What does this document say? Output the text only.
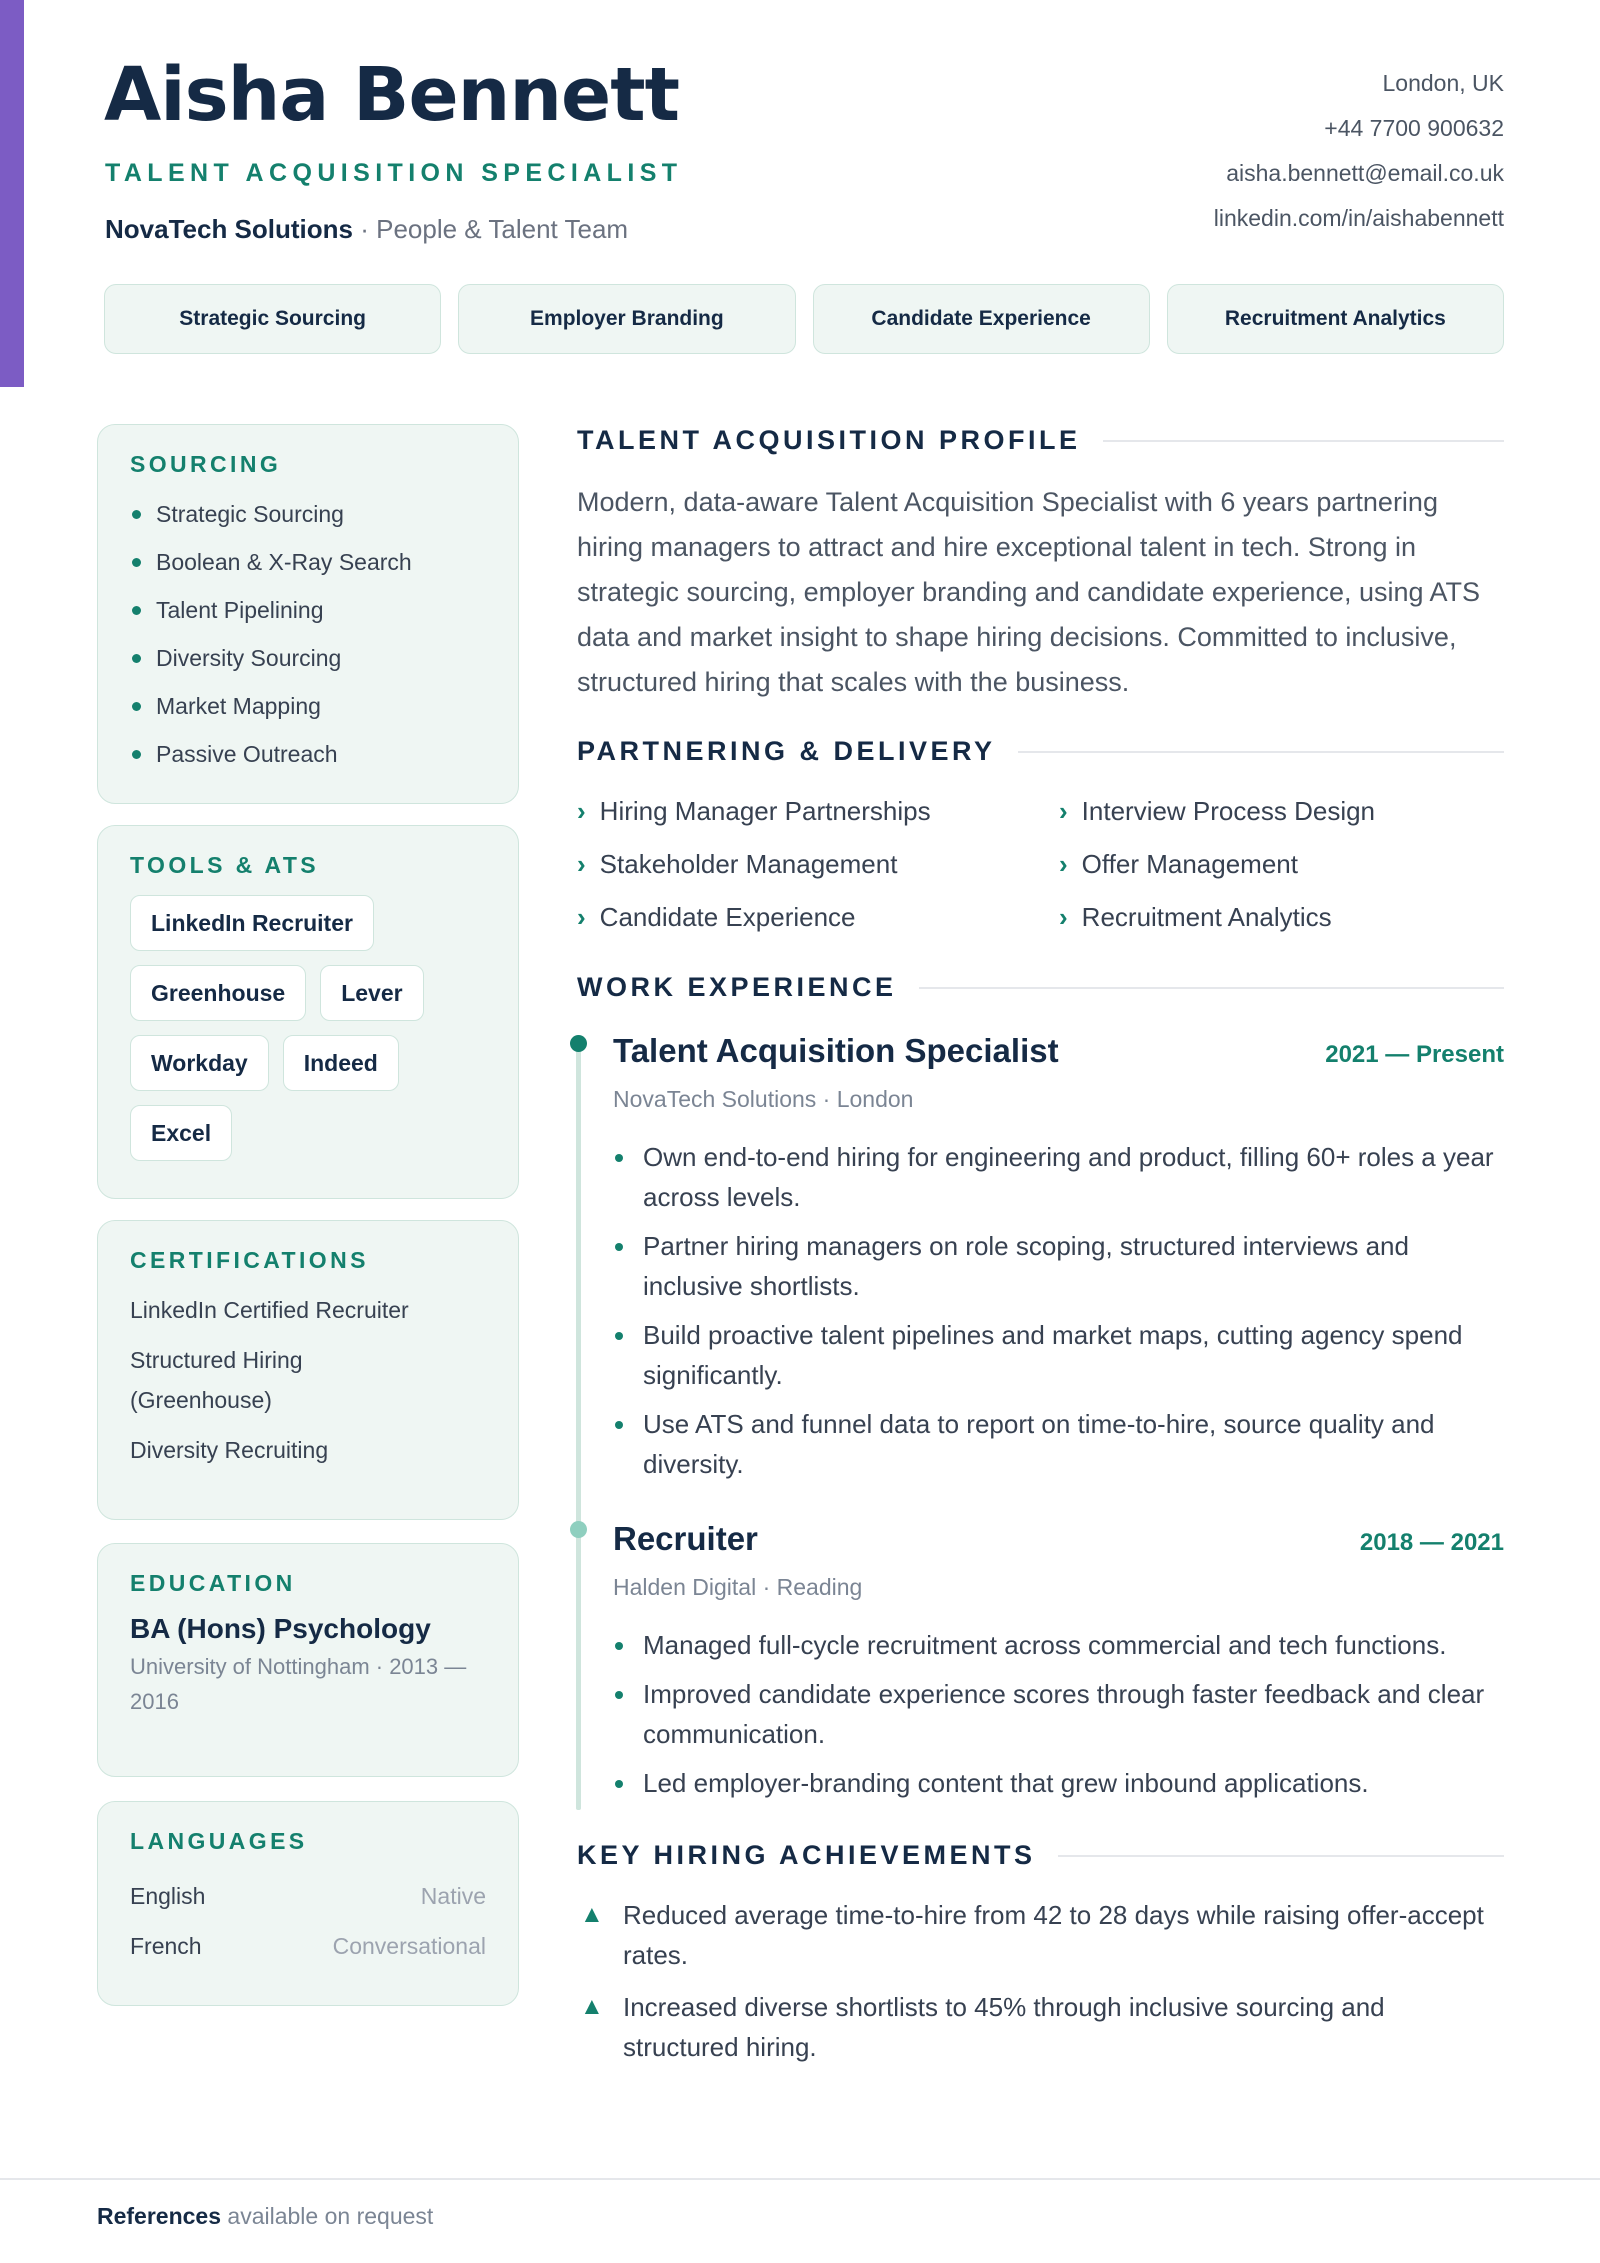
Aisha Bennett
TALENT ACQUISITION SPECIALIST
NovaTech Solutions · People & Talent Team
London, UK
+44 7700 900632
aisha.bennett@email.co.uk
linkedin.com/in/aishabennett
Strategic Sourcing	Employer Branding	Candidate Experience	Recruitment Analytics
SOURCING
Strategic Sourcing
Boolean & X-Ray Search
Talent Pipelining
Diversity Sourcing
Market Mapping
Passive Outreach
TOOLS & ATS
LinkedIn Recruiter
Greenhouse	Lever
Workday	Indeed
Excel
CERTIFICATIONS
LinkedIn Certified Recruiter
Structured Hiring (Greenhouse)
Diversity Recruiting
EDUCATION
BA (Hons) Psychology
University of Nottingham · 2013 — 2016
LANGUAGES
English	Native
French	Conversational
TALENT ACQUISITION PROFILE

Modern, data-aware Talent Acquisition Specialist with 6 years partnering hiring managers to attract and hire exceptional talent in tech. Strong in strategic sourcing, employer branding and candidate experience, using ATS data and market insight to shape hiring decisions. Committed to inclusive, structured hiring that scales with the business.

PARTNERING & DELIVERY
› Hiring Manager Partnerships	› Interview Process Design
› Stakeholder Management	› Offer Management
› Candidate Experience	› Recruitment Analytics
WORK EXPERIENCE
Talent Acquisition Specialist	2021 — Present
NovaTech Solutions · London
Own end-to-end hiring for engineering and product, filling 60+ roles a year across levels.
Partner hiring managers on role scoping, structured interviews and inclusive shortlists.
Build proactive talent pipelines and market maps, cutting agency spend significantly.
Use ATS and funnel data to report on time-to-hire, source quality and diversity.
Recruiter	2018 — 2021
Halden Digital · Reading
Managed full-cycle recruitment across commercial and tech functions.
Improved candidate experience scores through faster feedback and clear communication.
Led employer-branding content that grew inbound applications.
KEY HIRING ACHIEVEMENTS
▲ Reduced average time-to-hire from 42 to 28 days while raising offer-accept rates.
▲ Increased diverse shortlists to 45% through inclusive sourcing and structured hiring.
References available on request
